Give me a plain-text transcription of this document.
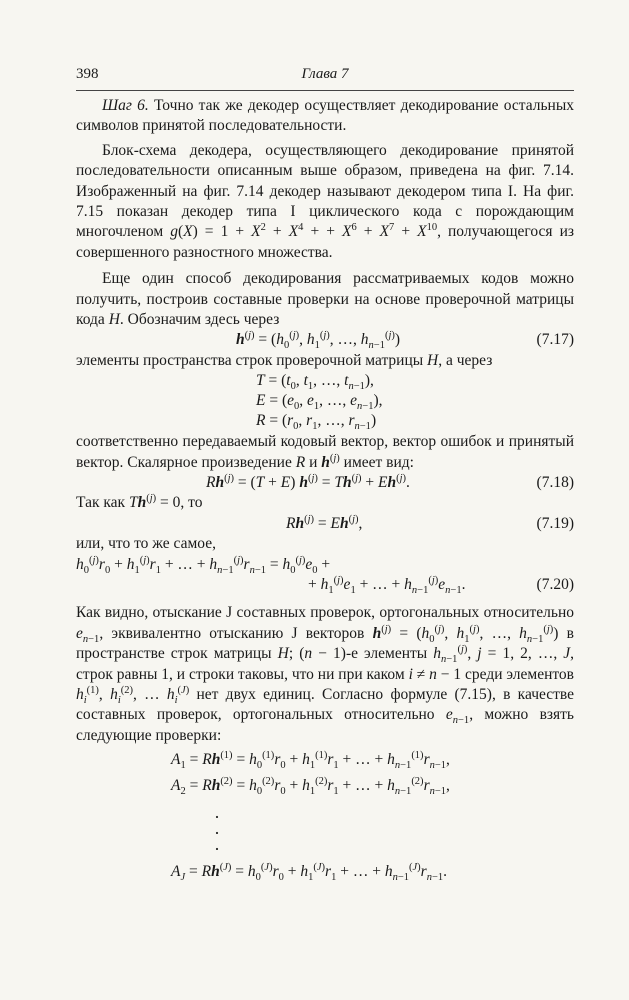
398	Глава 7

Шаг 6. Точно так же декодер осуществляет декодирование остальных символов принятой последовательности.

Блок-схема декодера, осуществляющего декодирование принятой последовательности описанным выше образом, приведена на фиг. 7.14. Изображенный на фиг. 7.14 декодер называют декодером типа I. На фиг. 7.15 показан декодер типа I циклического кода с порождающим многочленом $g(X) = 1 + X^2 + X^4$ + + $X^6 + X^7 + X^{10}$, получающегося из совершенного разностного множества.

Еще один способ декодирования рассматриваемых кодов можно получить, построив составные проверки на основе проверочной матрицы кода H. Обозначим здесь через

$h^{(j)} = (h_0^{(j)}$, $h_1^{(j)}$, …, $h_{n-1}^{(j)}$)	(7.17)

элементы пространства строк проверочной матрицы H, а через

$T = (t_0$, $t_1$, …, $t_{n-1}$),
$E = (e_0$, $e_1$, …, $e_{n-1}$),
$R = (r_0$, $r_1$, …, $r_{n-1}$)

соответственно передаваемый кодовый вектор, вектор ошибок и принятый вектор. Скалярное произведение R и $h^{(j)}$ имеет вид:

$Rh^{(j)} = (T + E) h^{(j)} = Th^{(j)} + Eh^{(j)}$.	(7.18)
Так как $Th^{(j)} = 0$, то
$Rh^{(j)} = Eh^{(j)}$,	(7.19)

или, что то же самое,

$h_0^{(j)}r_0 + h_1^{(j)}r_1$ + … + $h_{n-1}^{(j)}r_{n-1} = h_0^{(j)}e_0$ +
+ $h_1^{(j)}e_1$ + … + $h_{n-1}^{(j)}e_{n-1}$.	(7.20)

Как видно, отыскание J составных проверок, ортогональных относительно $e_{n-1}$, эквивалентно отысканию J векторов $h^{(j)} = (h_0^{(j)}$, $h_1^{(j)}$, …, $h_{n-1}^{(j)}$) в пространстве строк матрицы H; (n − 1)-е элементы $h_{n-1}^{(j)}$, j = 1, 2, …, J, строк равны 1, и строки таковы, что ни при каком i ≠ n − 1 среди элементов $h_i^{(1)}$, $h_i^{(2)}$, … $h_i^{(J)}$ нет двух единиц. Согласно формуле (7.15), в качестве составных проверок, ортогональных относительно $e_{n-1}$, можно взять следующие проверки:

$A_1 = Rh^{(1)} = h_0^{(1)}r_0 + h_1^{(1)}r_1$ + … + $h_{n-1}^{(1)}r_{n-1}$,
$A_2 = Rh^{(2)} = h_0^{(2)}r_0 + h_1^{(2)}r_1$ + … + $h_{n-1}^{(2)}r_{n-1}$,
·
·
·
$A_J = Rh^{(J)} = h_0^{(J)}r_0 + h_1^{(J)}r_1$ + … + $h_{n-1}^{(J)}r_{n-1}$.
